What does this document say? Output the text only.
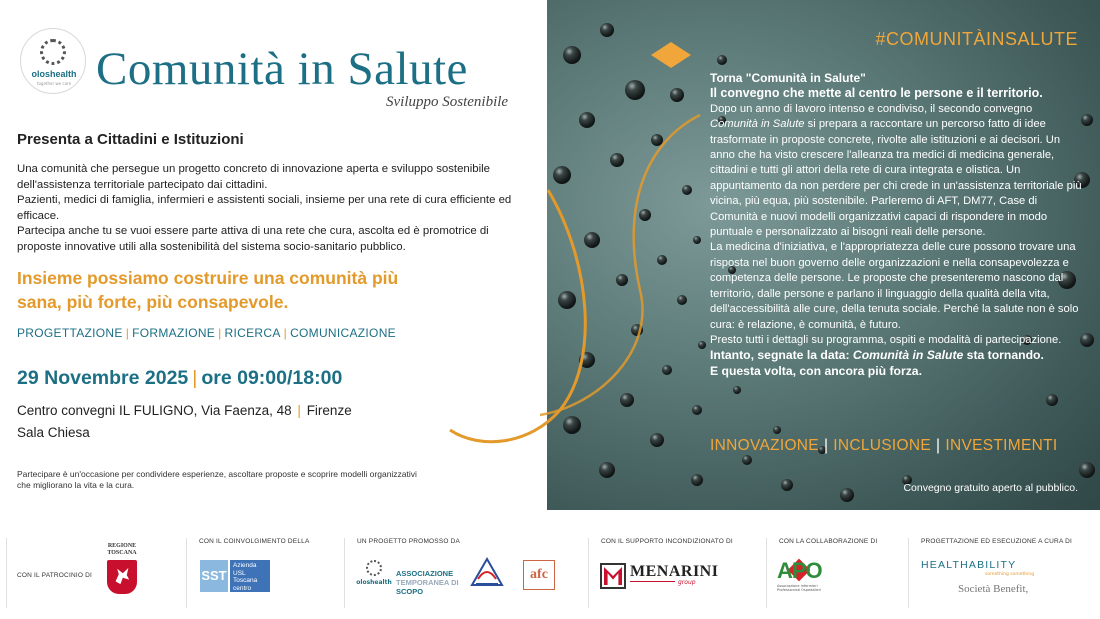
oloshealth
together we care Comunità in Salute
Sviluppo Sostenibile
Presenta a Cittadini e Istituzioni
Una comunità che persegue un progetto concreto di innovazione aperta e sviluppo sostenibile dell'assistenza territoriale partecipato dai cittadini.
Pazienti, medici di famiglia, infermieri e assistenti sociali, insieme per una rete di cura efficiente ed efficace.
Partecipa anche tu se vuoi essere parte attiva di una rete che cura, ascolta ed è promotrice di proposte innovative utili alla sostenibilità del sistema socio-sanitario pubblico.
Insieme possiamo costruire una comunità più sana, più forte, più consapevole.
PROGETTAZIONE | FORMAZIONE | RICERCA | COMUNICAZIONE
29 Novembre 2025 | ore 09:00/18:00
Centro convegni IL FULIGNO, Via Faenza, 48 | Firenze
Sala Chiesa
Partecipare è un'occasione per condividere esperienze, ascoltare proposte e scoprire modelli organizzativi che migliorano la vita e la cura.
#COMUNITÀINSALUTE
Torna "Comunità in Salute"
Il convegno che mette al centro le persone e il territorio.
Dopo un anno di lavoro intenso e condiviso, il secondo convegno Comunità in Salute si prepara a raccontare un percorso fatto di idee trasformate in proposte concrete, rivolte alle istituzioni e ai decisori. Un anno che ha visto crescere l'alleanza tra medici di medicina generale, cittadini e tutti gli attori della rete di cura integrata e olistica. Un appuntamento da non perdere per chi crede in un'assistenza territoriale più vicina, più equa, più sostenibile. Parleremo di AFT, DM77, Case di Comunità e nuovi modelli organizzativi capaci di rispondere in modo puntuale e personalizzato ai bisogni reali delle persone.
La medicina d'iniziativa, e l'appropriatezza delle cure possono trovare una risposta nel buon governo delle organizzazioni e nella consapevolezza e competenza delle persone. Le proposte che presenteremo nascono dal territorio, dalle persone e parlano il linguaggio della qualità della vita, dell'accessibilità alle cure, della tenuta sociale. Perché la salute non è solo cura: è relazione, è comunità, è futuro.
Presto tutti i dettagli su programma, ospiti e modalità di partecipazione.
Intanto, segnate la data: Comunità in Salute sta tornando.
E questa volta, con ancora più forza.
INNOVAZIONE | INCLUSIONE | INVESTIMENTI
Convegno gratuito aperto al pubblico.
CON IL PATROCINIO DI
CON IL COINVOLGIMENTO DELLA	UN PROGETTO PROMOSSO DA	CON IL SUPPORTO INCONDIZIONATO DI	CON LA COLLABORAZIONE DI	PROGETTAZIONE ED ESECUZIONE A CURA DI
REGIONE TOSCANA
SST
Azienda USL Toscana centro
oloshealth
ASSOCIAZIONE
TEMPORANEA DI
SCOPO
afc	MENARINI
group	APO
Associazione Infermieri Professionisti Ospedalieri
HEALTHABILITY
something something
Società Benefit,
